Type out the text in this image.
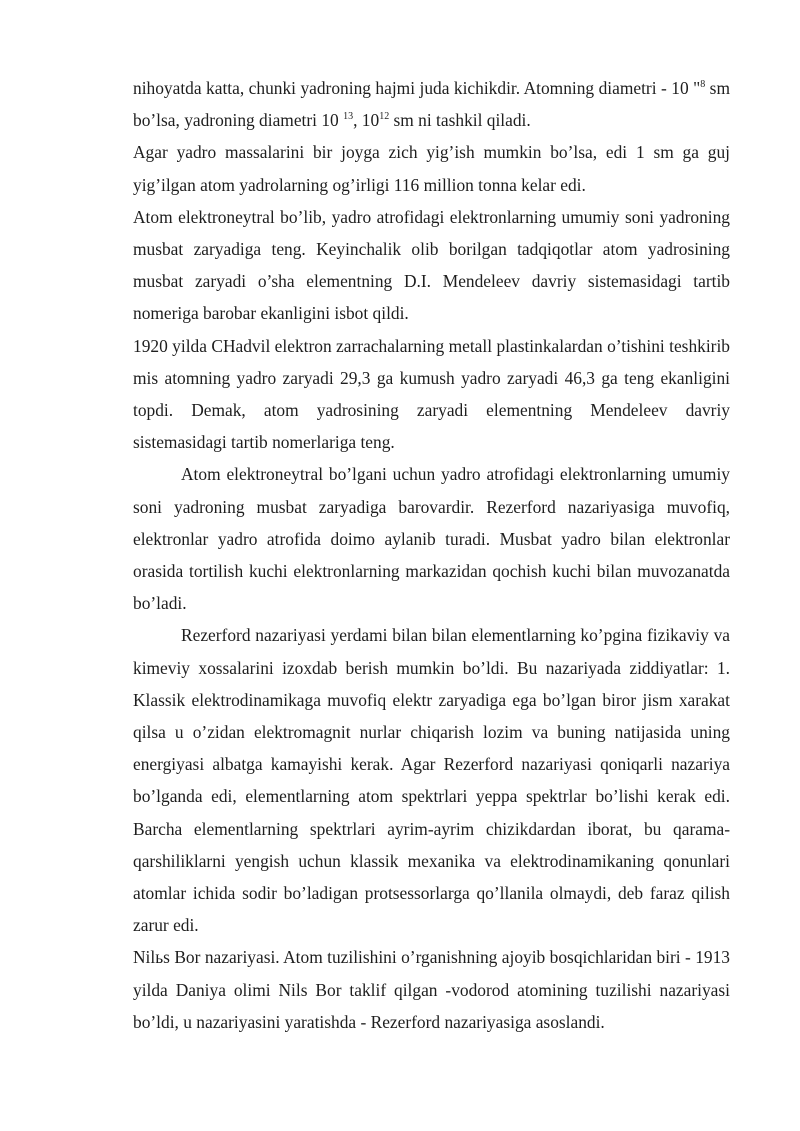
nihoyatda katta, chunki yadroning hajmi juda kichikdir. Atomning diametri - 10 "$^8$ sm bo’lsa, yadroning diametri 10 $^{13}$, $10^{12}$ sm ni tashkil qiladi.

Agar yadro massalarini bir joyga zich yig’ish mumkin bo’lsa, edi 1 sm ga guj yig’ilgan atom yadrolarning og’irligi 116 million tonna kelar edi.

Atom elektroneytral bo’lib, yadro atrofidagi elektronlarning umumiy soni yadroning musbat zaryadiga teng. Keyinchalik olib borilgan tadqiqotlar atom yadrosining musbat zaryadi o’sha elementning D.I. Mendeleev davriy sistemasidagi tartib nomeriga barobar ekanligini isbot qildi.

1920 yilda CHadvil elektron zarrachalarning metall plastinkalardan o’tishini teshkirib mis atomning yadro zaryadi 29,3 ga kumush yadro zaryadi 46,3 ga teng ekanligini topdi. Demak, atom yadrosining zaryadi elementning Mendeleev davriy sistemasidagi tartib nomerlariga teng.

Atom elektroneytral bo’lgani uchun yadro atrofidagi elektronlarning umumiy soni yadroning musbat zaryadiga barovardir. Rezerford nazariyasiga muvofiq, elektronlar yadro atrofida doimo aylanib turadi. Musbat yadro bilan elektronlar orasida tortilish kuchi elektronlarning markazidan qochish kuchi bilan muvozanatda bo’ladi.

Rezerford nazariyasi yerdami bilan bilan elementlarning ko’pgina fizikaviy va kimeviy xossalarini izoxdab berish mumkin bo’ldi. Bu nazariyada ziddiyatlar: 1. Klassik elektrodinamikaga muvofiq elektr zaryadiga ega bo’lgan biror jism xarakat qilsa u o’zidan elektromagnit nurlar chiqarish lozim va buning natijasida uning energiyasi albatga kamayishi kerak. Agar Rezerford nazariyasi qoniqarli nazariya bo’lganda edi, elementlarning atom spektrlari yeppa spektrlar bo’lishi kerak edi. Barcha elementlarning spektrlari ayrim-ayrim chizikdardan iborat, bu qarama-qarshiliklarni yengish uchun klassik mexanika va elektrodinamikaning qonunlari atomlar ichida sodir bo’ladigan protsessorlarga qo’llanila olmaydi, deb faraz qilish zarur edi.

Nilьs Bor nazariyasi. Atom tuzilishini o’rganishning ajoyib bosqichlaridan biri - 1913 yilda Daniya olimi Nils Bor taklif qilgan -vodorod atomining tuzilishi nazariyasi bo’ldi, u nazariyasini yaratishda - Rezerford nazariyasiga asoslandi.
